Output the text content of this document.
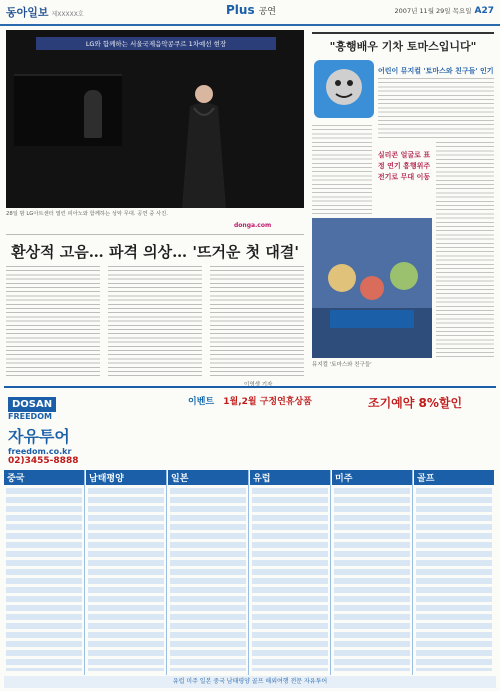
동아일보 제XXXXX호	Plus 공연	2007년 11월 29일 목요일 A27
LG와 함께하는 서울국제음악콩쿠르 1차예선 현장
28일 밤 LG아트센터 열린 피아노와 함께하는 성악 무대. 공연 중 사진.
donga.com
환상적 고음… 파격 의상… '뜨거운 첫 대결'
이영생 기자
"흥행배우 기차 토마스입니다"
어린이 뮤지컬 '토마스와 친구들' 인기
실리콘 얼굴로 표정 연기 흥행위주 전기로 무대 이동
뮤지컬 '토마스와 친구들'
DOSAN
FREEDOM
자유투어
freedom.co.kr
02)3455-8888
이벤트 1월,2월 구정연휴상품	조기예약 8%할인
중국	남태평양	일본	유럽	미주	골프
유럽 미주 일본 중국 남태평양 골프 해외여행 전문 자유투어
